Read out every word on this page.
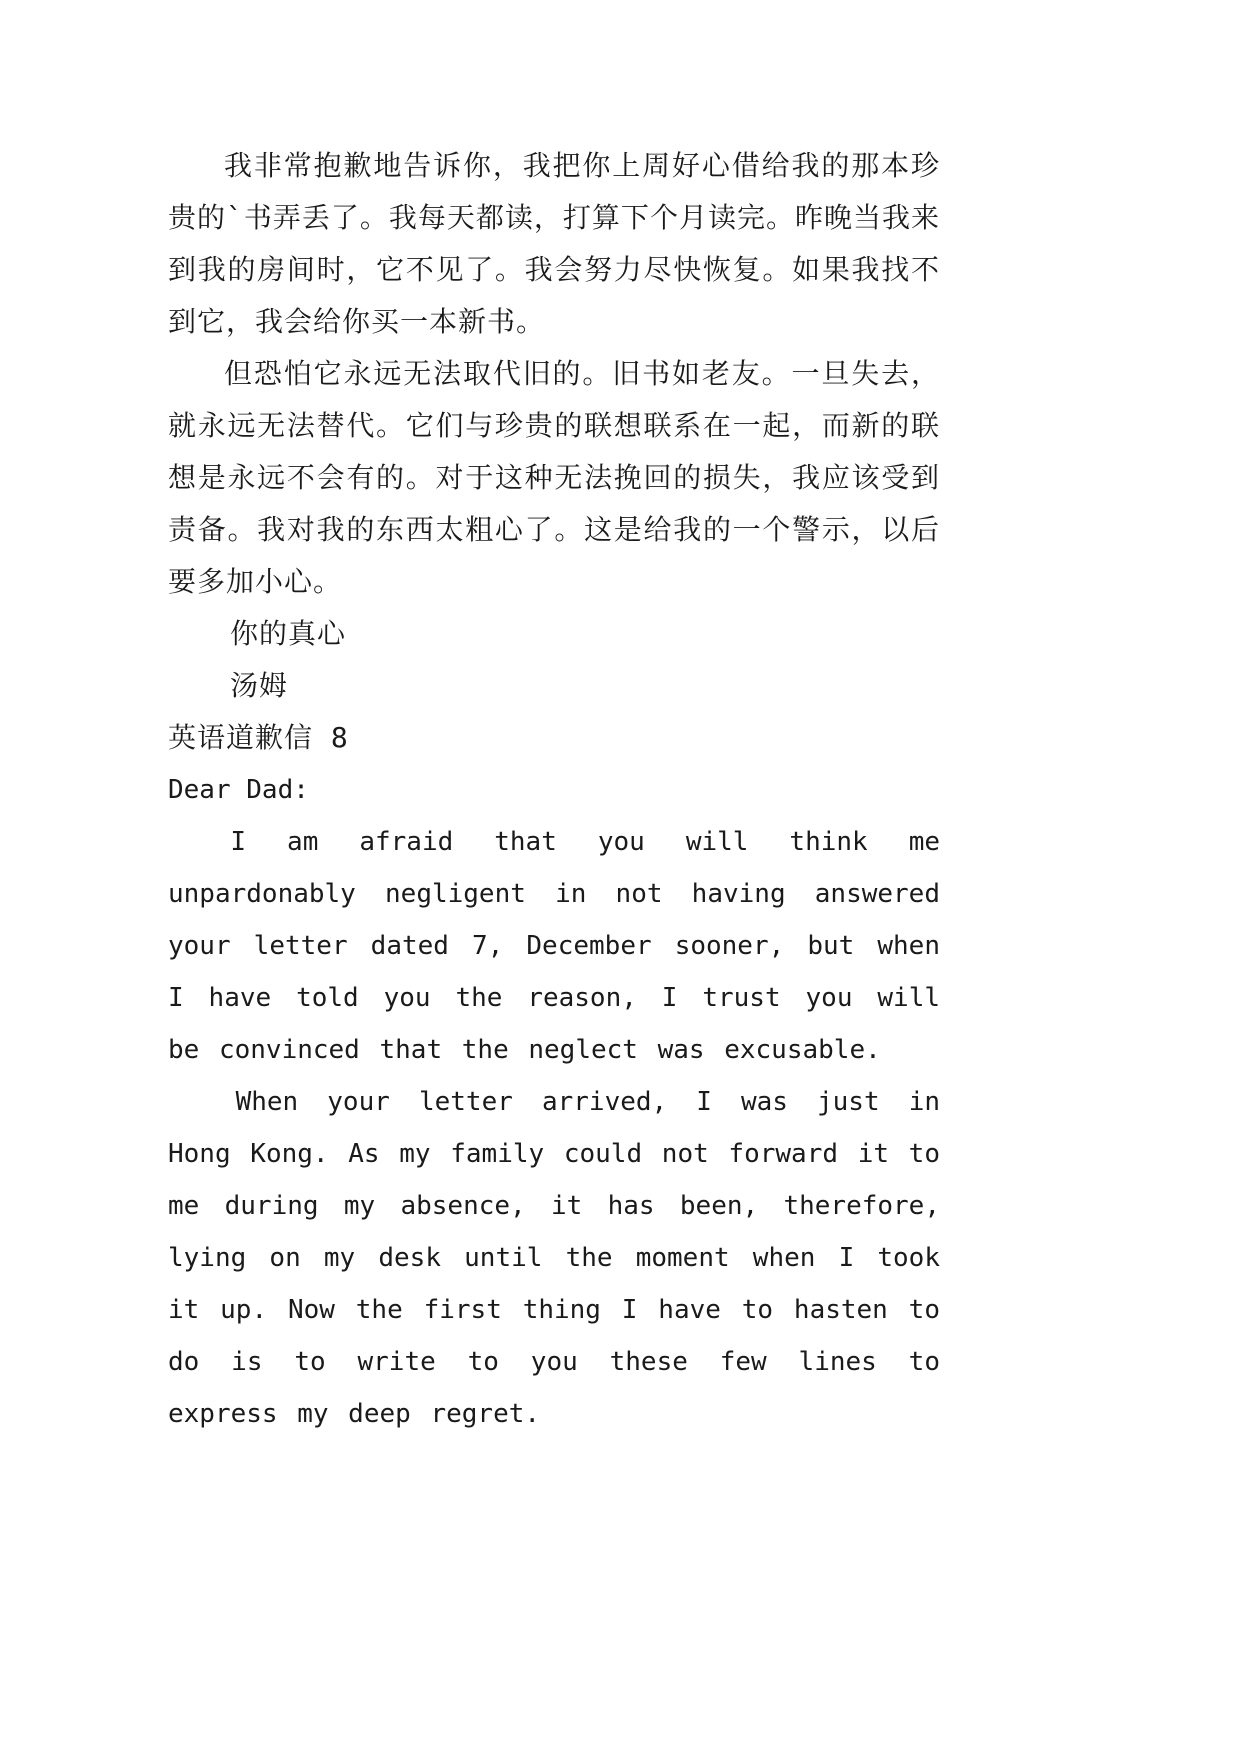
我非常抱歉地告诉你，我把你上周好心借给我的那本珍贵的`书弄丢了。我每天都读，打算下个月读完。昨晚当我来到我的房间时，它不见了。我会努力尽快恢复。如果我找不到它，我会给你买一本新书。

但恐怕它永远无法取代旧的。旧书如老友。一旦失去，就永远无法替代。它们与珍贵的联想联系在一起，而新的联想是永远不会有的。对于这种无法挽回的损失，我应该受到责备。我对我的东西太粗心了。这是给我的一个警示，以后要多加小心。

你的真心

汤姆

英语道歉信 8

Dear Dad:

I am afraid that you will think me unpardonably negligent in not having answered your letter dated 7, December sooner, but when I have told you the reason, I trust you will be convinced that the neglect was excusable.

When your letter arrived, I was just in Hong Kong. As my family could not forward it to me during my absence, it has been, therefore, lying on my desk until the moment when I took it up. Now the first thing I have to hasten to do is to write to you these few lines to express my deep regret.
